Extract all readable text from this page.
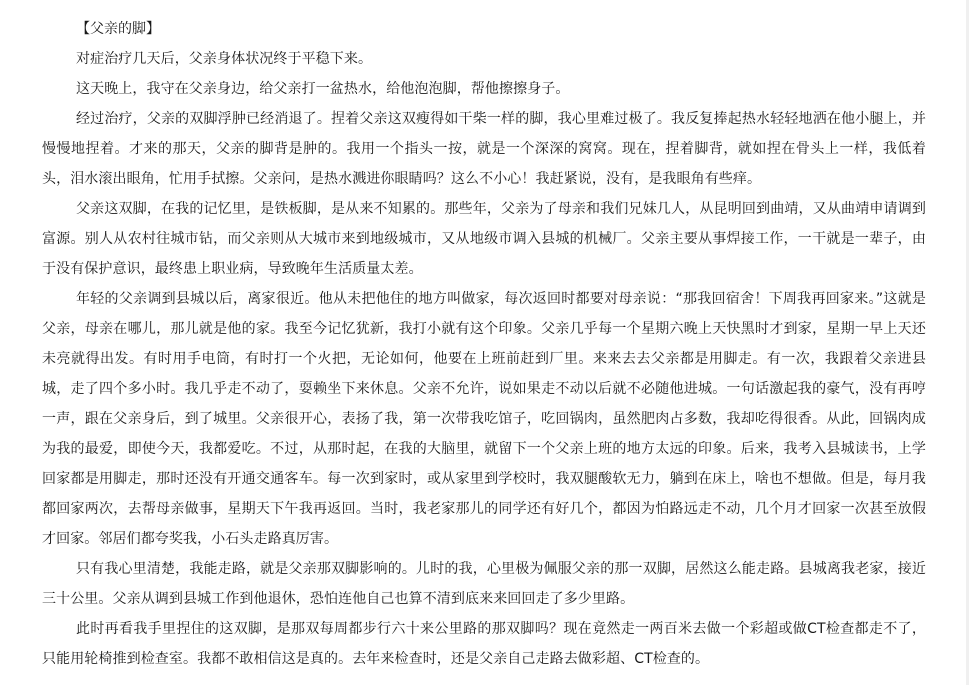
【父亲的脚】

对症治疗几天后，父亲身体状况终于平稳下来。

这天晚上，我守在父亲身边，给父亲打一盆热水，给他泡泡脚，帮他擦擦身子。

经过治疗，父亲的双脚浮肿已经消退了。捏着父亲这双瘦得如干柴一样的脚，我心里难过极了。我反复捧起热水轻轻地洒在他小腿上，并慢慢地捏着。才来的那天，父亲的脚背是肿的。我用一个指头一按，就是一个深深的窝窝。现在，捏着脚背，就如捏在骨头上一样，我低着头，泪水滚出眼角，忙用手拭擦。父亲问，是热水溅进你眼睛吗？这么不小心！我赶紧说，没有，是我眼角有些痒。

父亲这双脚，在我的记忆里，是铁板脚，是从来不知累的。那些年，父亲为了母亲和我们兄妹几人，从昆明回到曲靖，又从曲靖申请调到富源。别人从农村往城市钻，而父亲则从大城市来到地级城市，又从地级市调入县城的机械厂。父亲主要从事焊接工作，一干就是一辈子，由于没有保护意识，最终患上职业病，导致晚年生活质量太差。

年轻的父亲调到县城以后，离家很近。他从未把他住的地方叫做家，每次返回时都要对母亲说：“那我回宿舍！下周我再回家来。”这就是父亲，母亲在哪儿，那儿就是他的家。我至今记忆犹新，我打小就有这个印象。父亲几乎每一个星期六晚上天快黑时才到家，星期一早上天还未亮就得出发。有时用手电筒，有时打一个火把，无论如何，他要在上班前赶到厂里。来来去去父亲都是用脚走。有一次，我跟着父亲进县城，走了四个多小时。我几乎走不动了，耍赖坐下来休息。父亲不允许，说如果走不动以后就不必随他进城。一句话激起我的豪气，没有再哼一声，跟在父亲身后，到了城里。父亲很开心，表扬了我，第一次带我吃馆子，吃回锅肉，虽然肥肉占多数，我却吃得很香。从此，回锅肉成为我的最爱，即使今天，我都爱吃。不过，从那时起，在我的大脑里，就留下一个父亲上班的地方太远的印象。后来，我考入县城读书，上学回家都是用脚走，那时还没有开通交通客车。每一次到家时，或从家里到学校时，我双腿酸软无力，躺到在床上，啥也不想做。但是，每月我都回家两次，去帮母亲做事，星期天下午我再返回。当时，我老家那儿的同学还有好几个，都因为怕路远走不动，几个月才回家一次甚至放假才回家。邻居们都夸奖我，小石头走路真厉害。

只有我心里清楚，我能走路，就是父亲那双脚影响的。儿时的我，心里极为佩服父亲的那一双脚，居然这么能走路。县城离我老家，接近三十公里。父亲从调到县城工作到他退休，恐怕连他自己也算不清到底来来回回走了多少里路。

此时再看我手里捏住的这双脚，是那双每周都步行六十来公里路的那双脚吗？现在竟然走一两百米去做一个彩超或做CT检查都走不了，只能用轮椅推到检查室。我都不敢相信这是真的。去年来检查时，还是父亲自己走路去做彩超、CT检查的。
